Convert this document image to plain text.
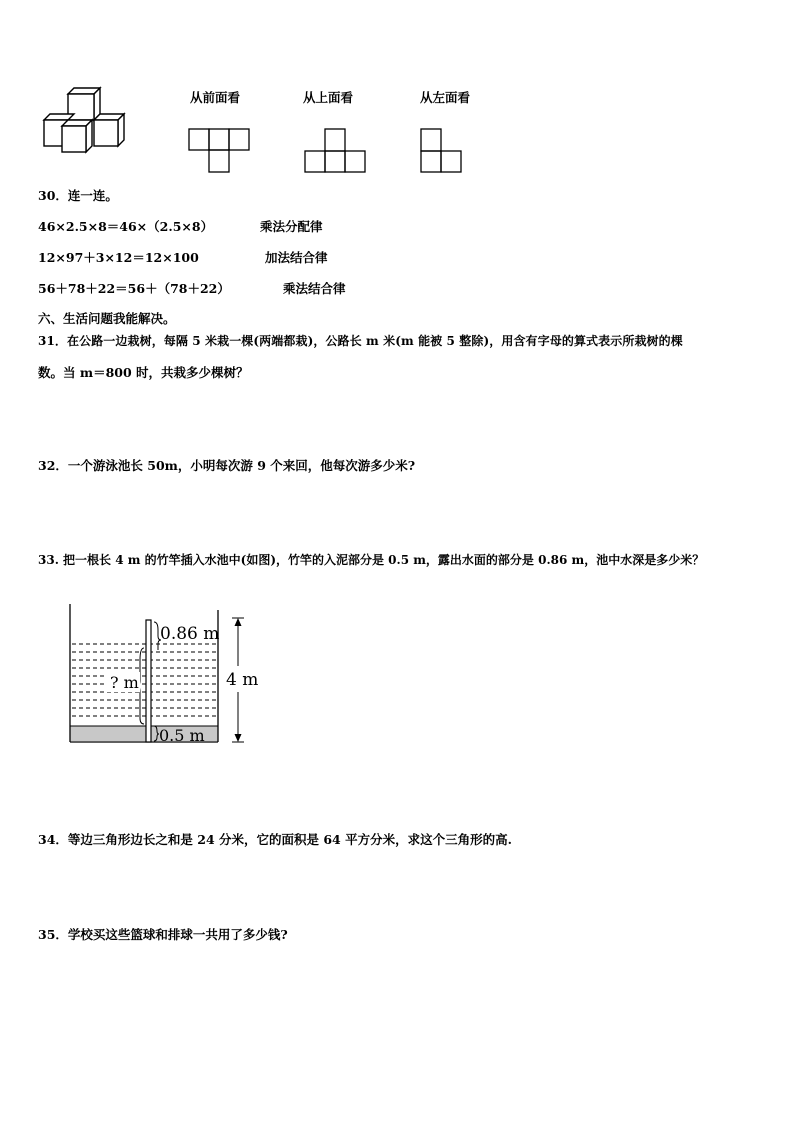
从前面看	从上面看	从左面看
30．连一连。
46×2.5×8＝46×（2.5×8）	乘法分配律
12×97＋3×12＝12×100	加法结合律
56＋78＋22＝56＋（78＋22）	乘法结合律
六、生活问题我能解决。
31．在公路一边栽树，每隔 5 米栽一棵(两端都栽)，公路长 m 米(m 能被 5 整除)，用含有字母的算式表示所栽树的棵
数。当 m＝800 时，共栽多少棵树？
32．一个游泳池长 50m，小明每次游 9 个来回，他每次游多少米?
33. 把一根长 4 m 的竹竿插入水池中(如图)，竹竿的入泥部分是 0.5 m，露出水面的部分是 0.86 m，池中水深是多少米？
? m
0.86 m
4 m
0.5 m
34．等边三角形边长之和是 24 分米，它的面积是 64 平方分米，求这个三角形的高.
35．学校买这些篮球和排球一共用了多少钱?
